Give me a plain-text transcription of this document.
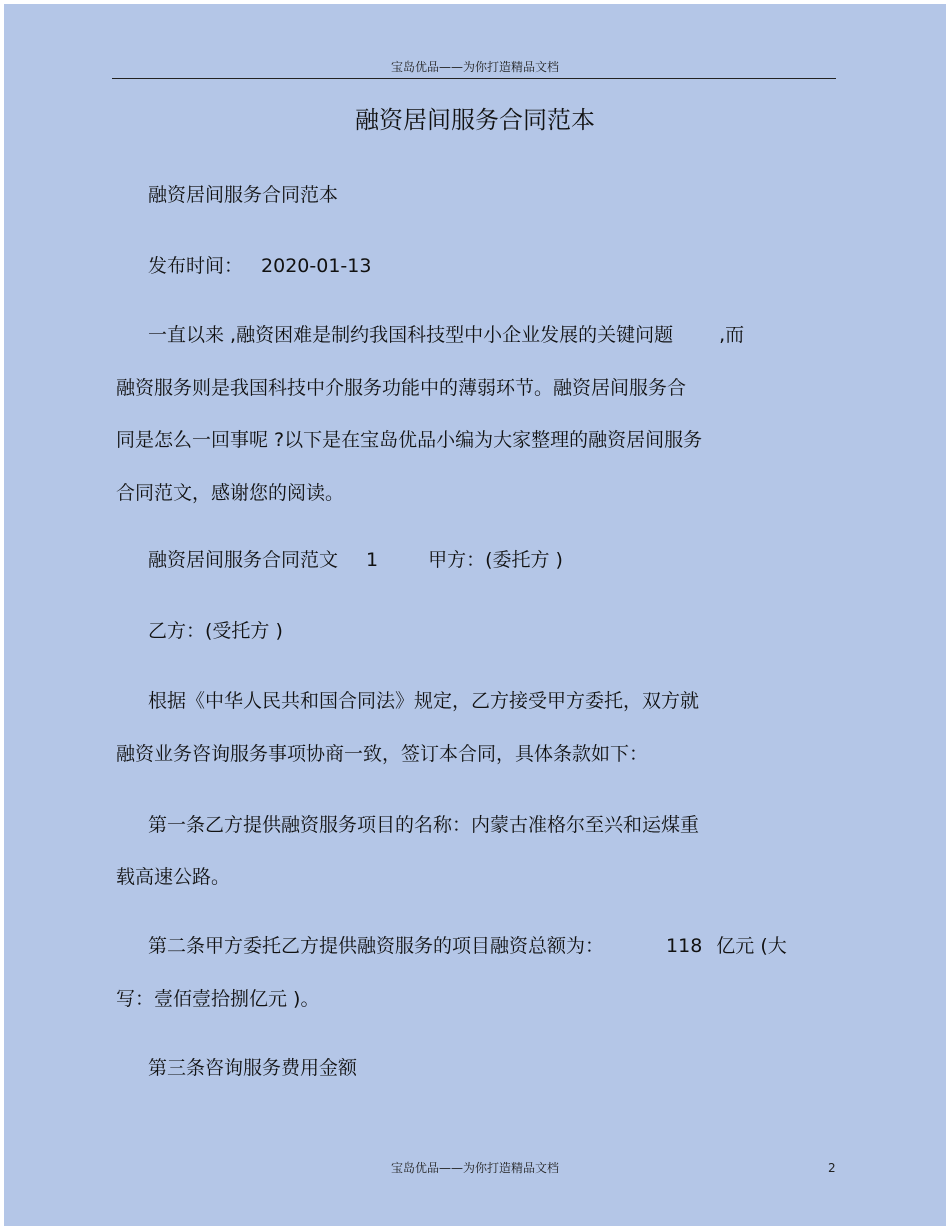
宝岛优品——为你打造精品文档
融资居间服务合同范本
融资居间服务合同范本
发布时间： 2020-01-13
一直以来 ,融资困难是制约我国科技型中小企业发展的关键问题 ,而
融资服务则是我国科技中介服务功能中的薄弱环节。融资居间服务合
同是怎么一回事呢 ?以下是在宝岛优品小编为大家整理的融资居间服务
合同范文，感谢您的阅读。
融资居间服务合同范文 1	甲方：(委托方 )
乙方：(受托方 )
根据《中华人民共和国合同法》规定，乙方接受甲方委托，双方就
融资业务咨询服务事项协商一致，签订本合同，具体条款如下：
第一条乙方提供融资服务项目的名称：内蒙古准格尔至兴和运煤重
载高速公路。
第二条甲方委托乙方提供融资服务的项目融资总额为：	118 亿元 (大
写：壹佰壹拾捌亿元 )。
第三条咨询服务费用金额
宝岛优品——为你打造精品文档	2
